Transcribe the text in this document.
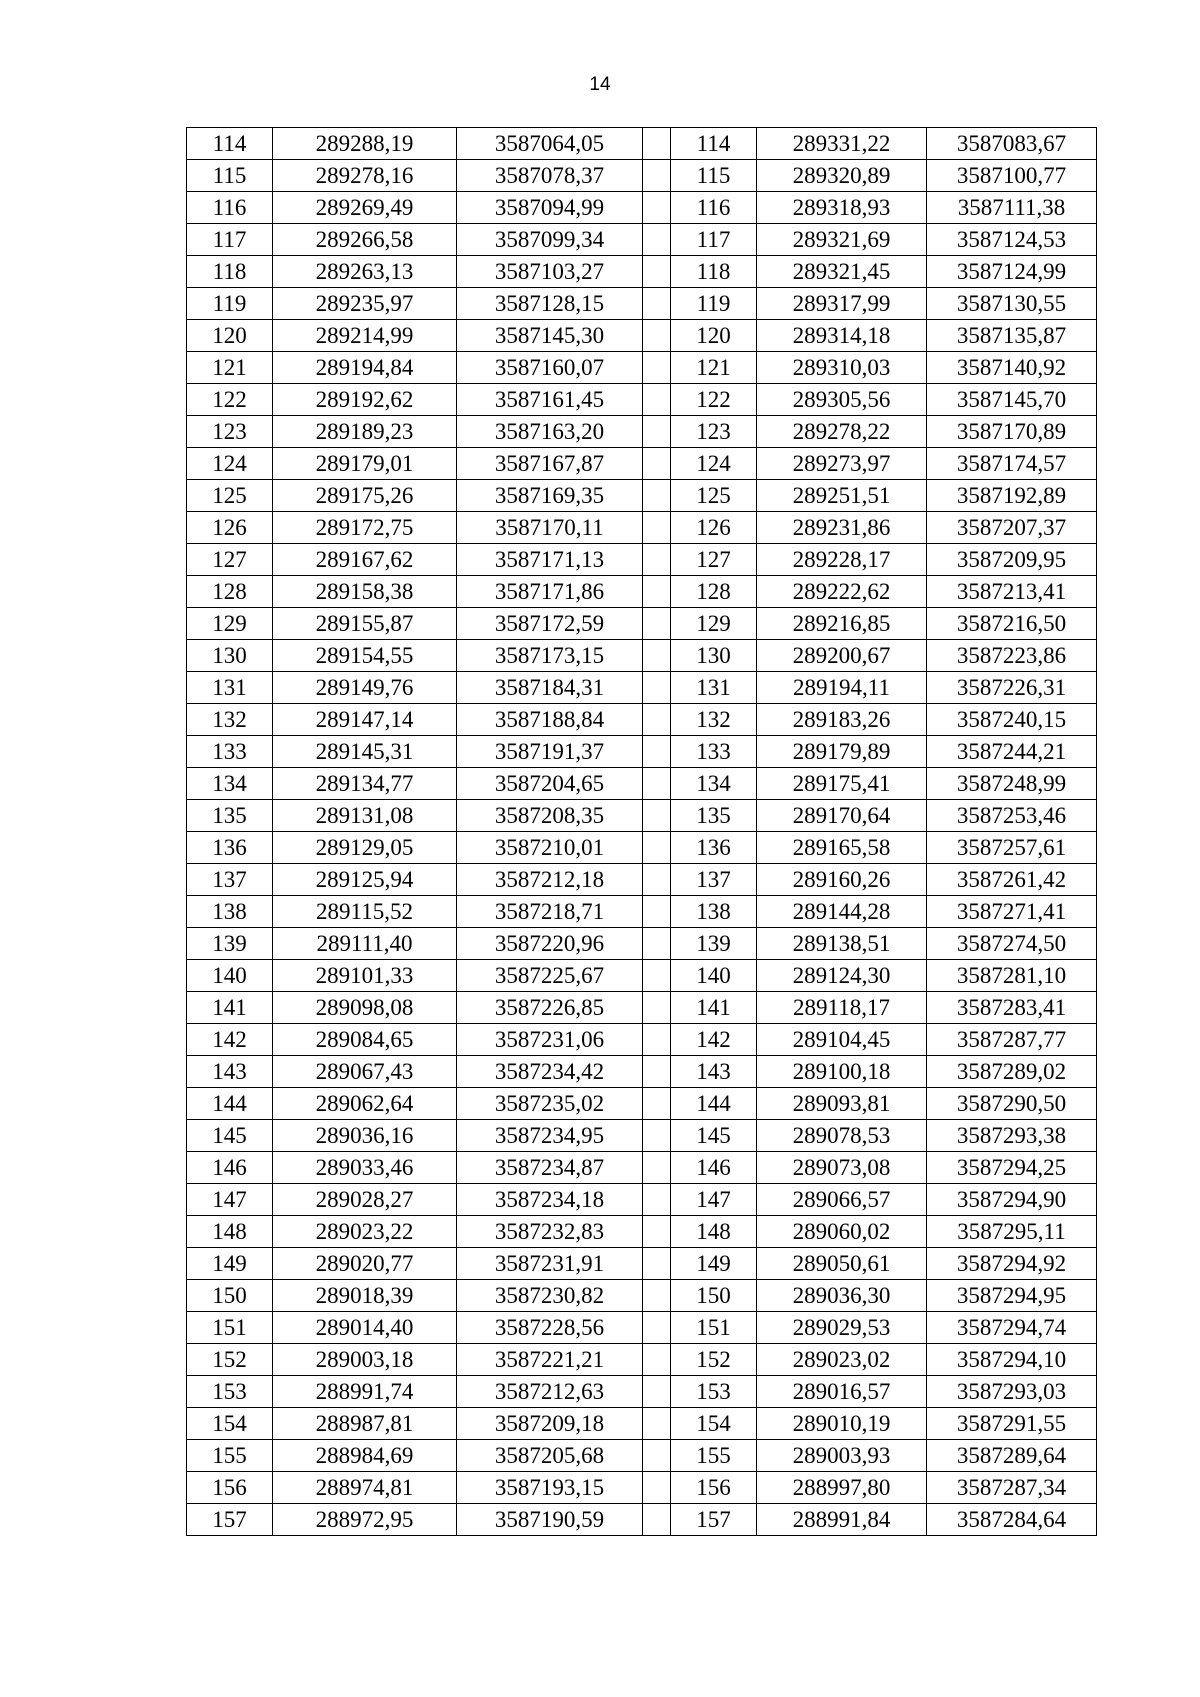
14
114	289288,19	3587064,05		114	289331,22	3587083,67
115	289278,16	3587078,37		115	289320,89	3587100,77
116	289269,49	3587094,99		116	289318,93	3587111,38
117	289266,58	3587099,34		117	289321,69	3587124,53
118	289263,13	3587103,27		118	289321,45	3587124,99
119	289235,97	3587128,15		119	289317,99	3587130,55
120	289214,99	3587145,30		120	289314,18	3587135,87
121	289194,84	3587160,07		121	289310,03	3587140,92
122	289192,62	3587161,45		122	289305,56	3587145,70
123	289189,23	3587163,20		123	289278,22	3587170,89
124	289179,01	3587167,87		124	289273,97	3587174,57
125	289175,26	3587169,35		125	289251,51	3587192,89
126	289172,75	3587170,11		126	289231,86	3587207,37
127	289167,62	3587171,13		127	289228,17	3587209,95
128	289158,38	3587171,86		128	289222,62	3587213,41
129	289155,87	3587172,59		129	289216,85	3587216,50
130	289154,55	3587173,15		130	289200,67	3587223,86
131	289149,76	3587184,31		131	289194,11	3587226,31
132	289147,14	3587188,84		132	289183,26	3587240,15
133	289145,31	3587191,37		133	289179,89	3587244,21
134	289134,77	3587204,65		134	289175,41	3587248,99
135	289131,08	3587208,35		135	289170,64	3587253,46
136	289129,05	3587210,01		136	289165,58	3587257,61
137	289125,94	3587212,18		137	289160,26	3587261,42
138	289115,52	3587218,71		138	289144,28	3587271,41
139	289111,40	3587220,96		139	289138,51	3587274,50
140	289101,33	3587225,67		140	289124,30	3587281,10
141	289098,08	3587226,85		141	289118,17	3587283,41
142	289084,65	3587231,06		142	289104,45	3587287,77
143	289067,43	3587234,42		143	289100,18	3587289,02
144	289062,64	3587235,02		144	289093,81	3587290,50
145	289036,16	3587234,95		145	289078,53	3587293,38
146	289033,46	3587234,87		146	289073,08	3587294,25
147	289028,27	3587234,18		147	289066,57	3587294,90
148	289023,22	3587232,83		148	289060,02	3587295,11
149	289020,77	3587231,91		149	289050,61	3587294,92
150	289018,39	3587230,82		150	289036,30	3587294,95
151	289014,40	3587228,56		151	289029,53	3587294,74
152	289003,18	3587221,21		152	289023,02	3587294,10
153	288991,74	3587212,63		153	289016,57	3587293,03
154	288987,81	3587209,18		154	289010,19	3587291,55
155	288984,69	3587205,68		155	289003,93	3587289,64
156	288974,81	3587193,15		156	288997,80	3587287,34
157	288972,95	3587190,59		157	288991,84	3587284,64
